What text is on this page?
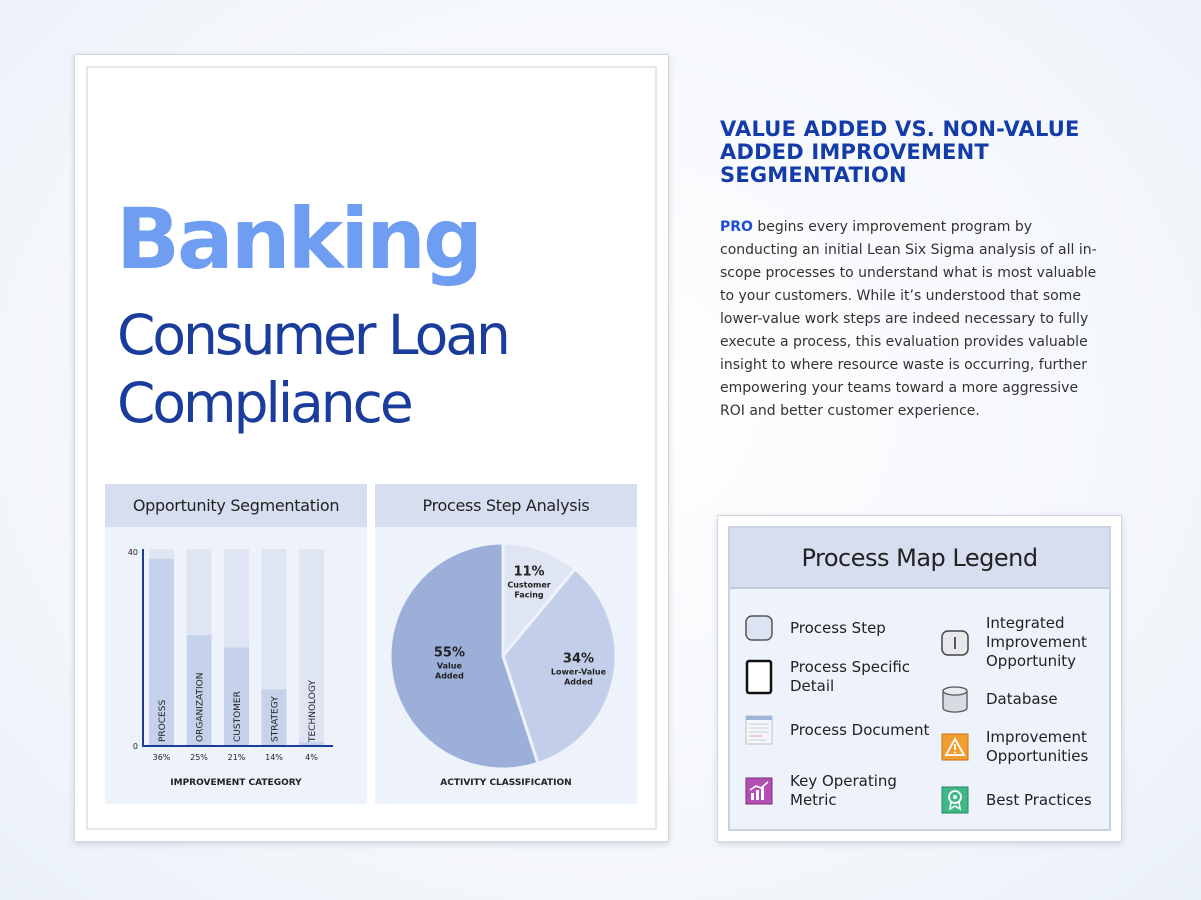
Banking
Consumer Loan
Compliance
Opportunity Segmentation
PROCESS
36%
ORGANIZATION
25%
CUSTOMER
21%
STRATEGY
14%
TECHNOLOGY
4%
40
0
IMPROVEMENT CATEGORY
Process Step Analysis
11%
Customer
Facing
34%
Lower-Value
Added
55%
Value
Added
ACTIVITY CLASSIFICATION
VALUE ADDED VS. NON-VALUE ADDED IMPROVEMENT SEGMENTATION
PRO begins every improvement program by conducting an initial Lean Six Sigma analysis of all in-scope processes to understand what is most valuable to your customers. While it’s understood that some lower-value work steps are indeed necessary to fully execute a process, this evaluation provides valuable insight to where resource waste is occurring, further empowering your teams toward a more aggressive ROI and better customer experience.
Process Map Legend
Process Step
Process Specific Detail
Process Document
Key Operating Metric
Integrated Improvement Opportunity
Database
Improvement Opportunities
Best Practices
